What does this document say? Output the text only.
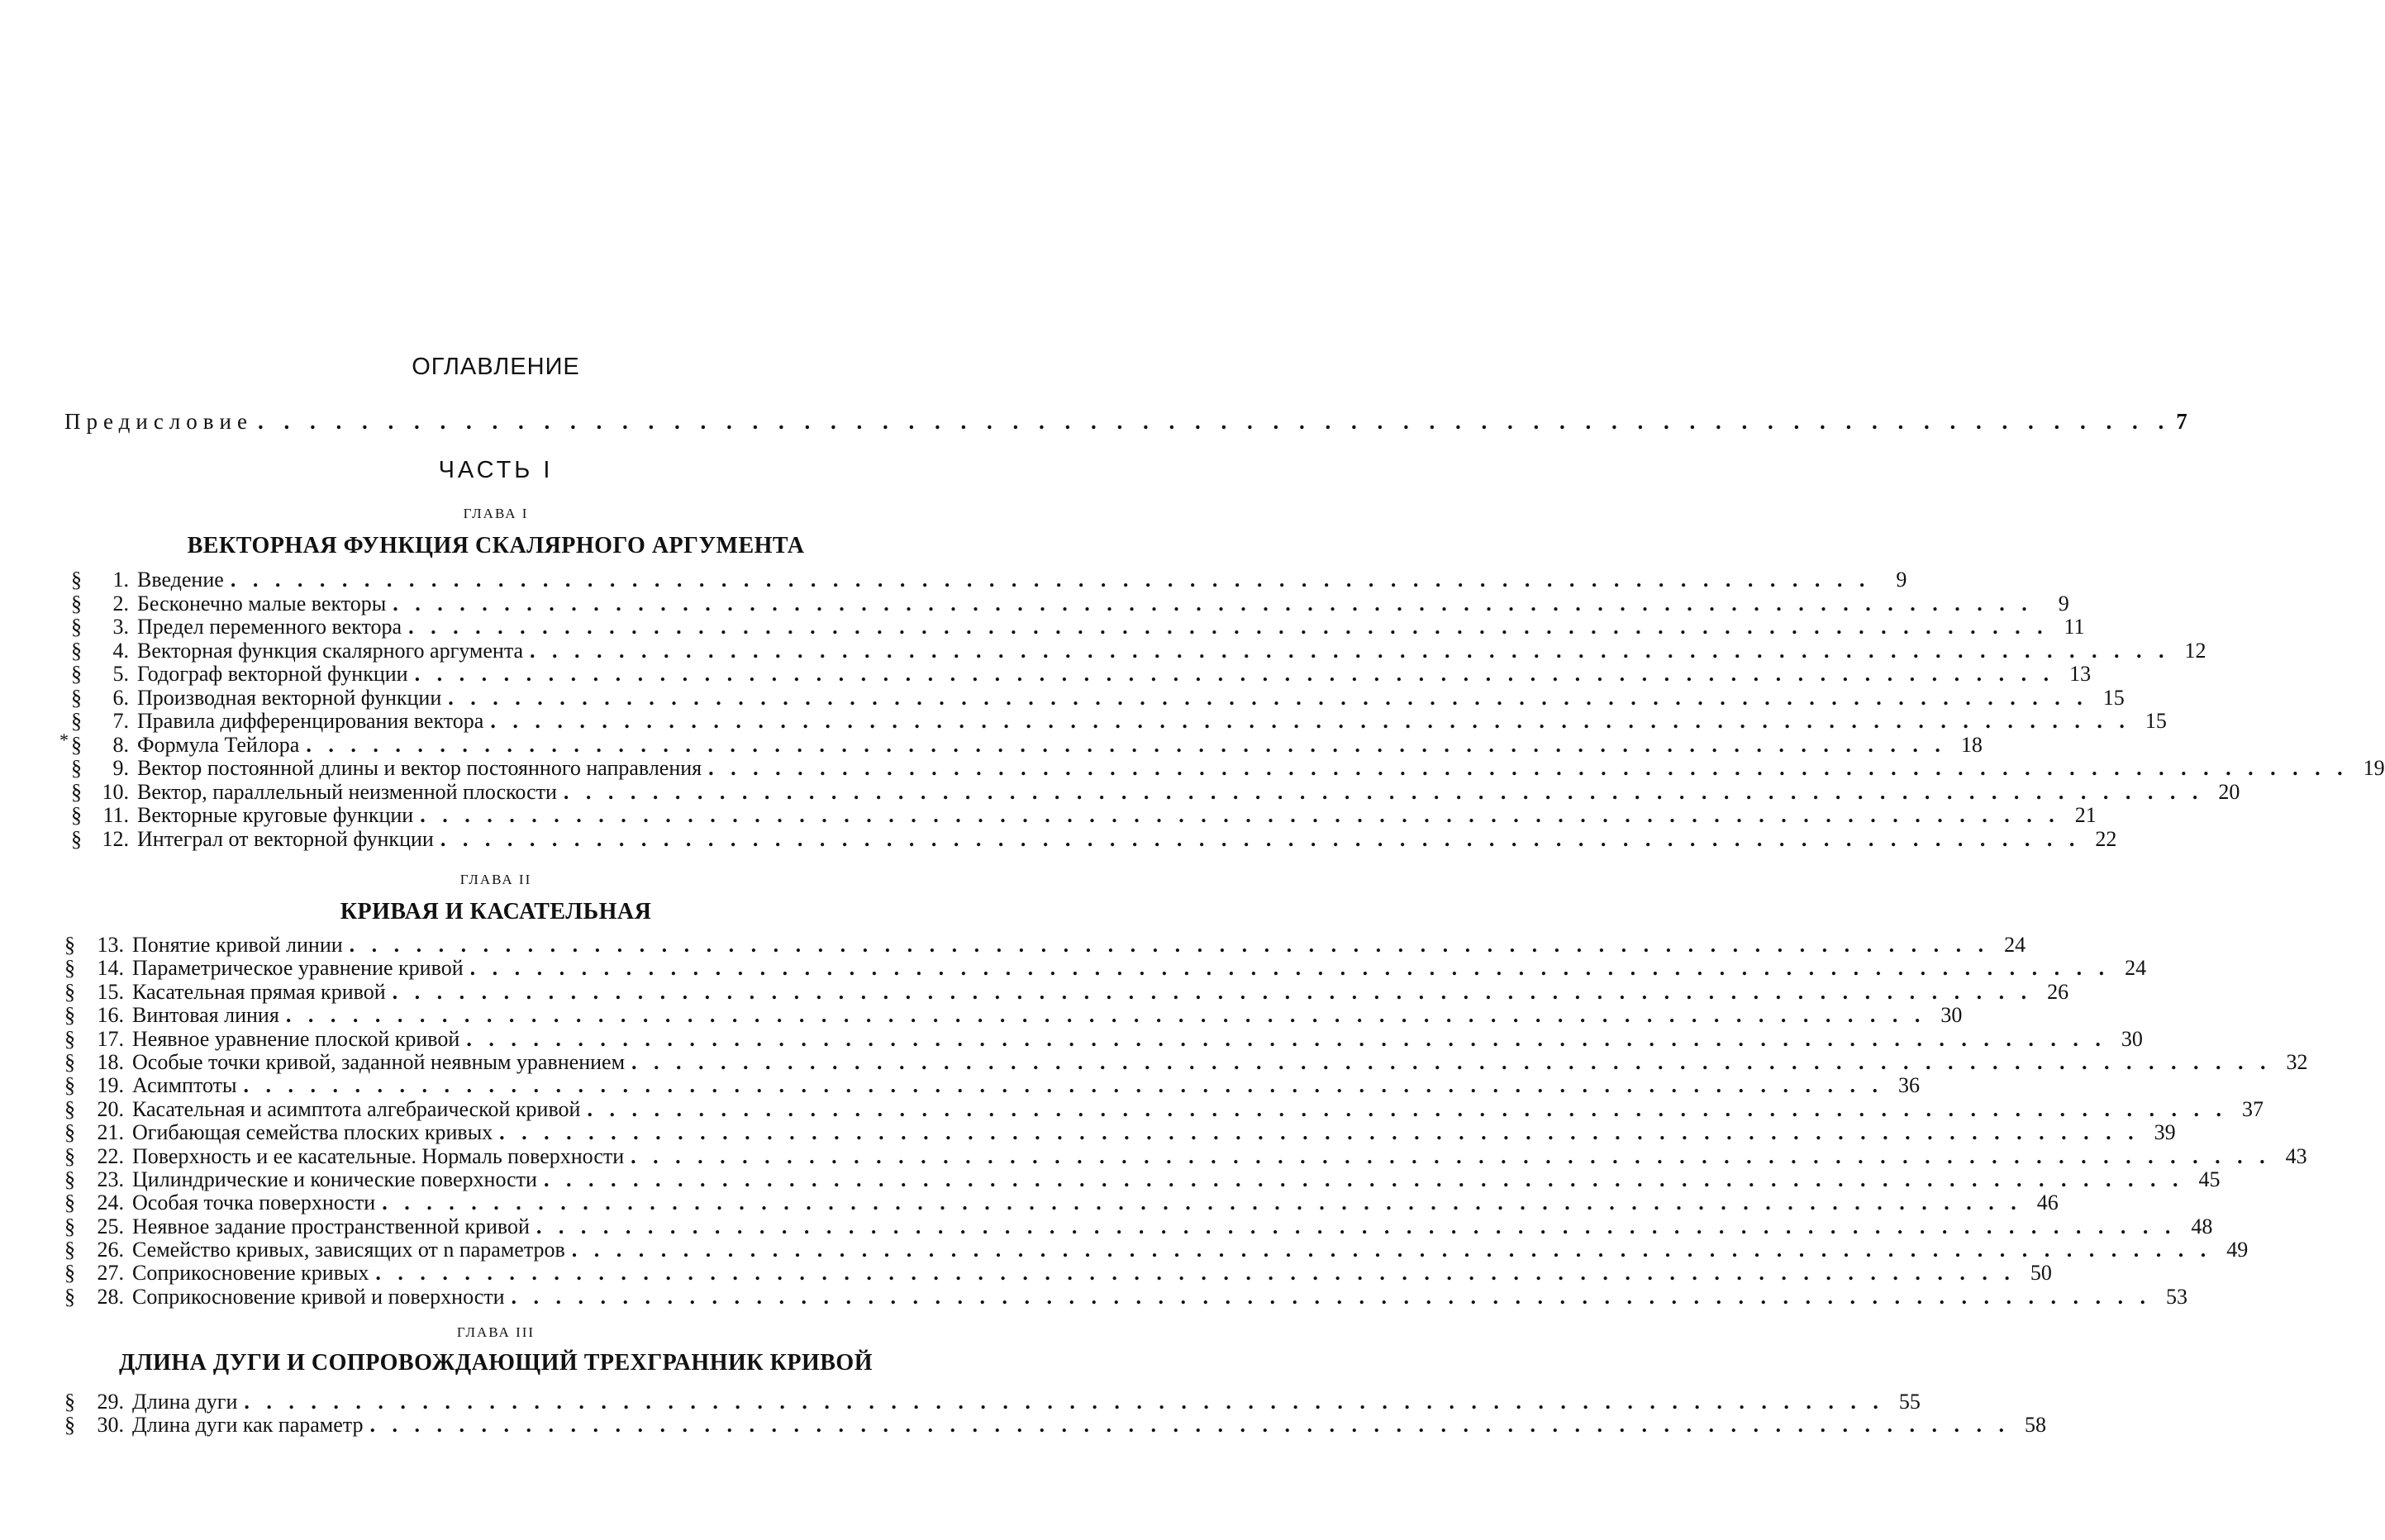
ОГЛАВЛЕНИЕ
Предисловие . . . . . . . . . . . . . . . . . . . . . . . . . . . . . . . . . . . . . . . . . . . . . . . . . . . . . . . . . . . . . . . . . . . . . . . . . . 7
ЧАСТЬ I
ГЛАВА I
ВЕКТОРНАЯ ФУНКЦИЯ СКАЛЯРНОГО АРГУМЕНТА
§	1. Введение . . . . . . . . . . . . . . . . . . . . . . . . . . . . . . . . . . . . . . . . . . . . . . . . . . . . . . . . . . . . . . . . . . . . . . . . . .	9
§	2. Бесконечно малые векторы . . . . . . . . . . . . . . . . . . . . . . . . . . . . . . . . . . . . . . . . . . . . . . . . . . . . . . . . . . . . . . . . . . . . . . . . . .	9
§	3. Предел переменного вектора . . . . . . . . . . . . . . . . . . . . . . . . . . . . . . . . . . . . . . . . . . . . . . . . . . . . . . . . . . . . . . . . . . . . . . . . . . 11
§	4. Векторная функция скалярного аргумента . . . . . . . . . . . . . . . . . . . . . . . . . . . . . . . . . . . . . . . . . . . . . . . . . . . . . . . . . . . . . . . . . . . . . . . . . . 12
§	5. Годограф векторной функции . . . . . . . . . . . . . . . . . . . . . . . . . . . . . . . . . . . . . . . . . . . . . . . . . . . . . . . . . . . . . . . . . . . . . . . . . . 13
§	6. Производная векторной функции . . . . . . . . . . . . . . . . . . . . . . . . . . . . . . . . . . . . . . . . . . . . . . . . . . . . . . . . . . . . . . . . . . . . . . . . . . 15
§	7. Правила дифференцирования вектора . . . . . . . . . . . . . . . . . . . . . . . . . . . . . . . . . . . . . . . . . . . . . . . . . . . . . . . . . . . . . . . . . . . . . . . . . . 15
§	8. Формула Тейлора . . . . . . . . . . . . . . . . . . . . . . . . . . . . . . . . . . . . . . . . . . . . . . . . . . . . . . . . . . . . . . . . . . . . . . . . . . 18
*
§	9. Вектор постоянной длины и вектор постоянного направления . . . . . . . . . . . . . . . . . . . . . . . . . . . . . . . . . . . . . . . . . . . . . . . . . . . . . . . . . . . . . . . . . . . . . . . . . . 19
§ 10. Вектор, параллельный неизменной плоскости . . . . . . . . . . . . . . . . . . . . . . . . . . . . . . . . . . . . . . . . . . . . . . . . . . . . . . . . . . . . . . . . . . . . . . . . . . 20
§ 11. Векторные круговые функции . . . . . . . . . . . . . . . . . . . . . . . . . . . . . . . . . . . . . . . . . . . . . . . . . . . . . . . . . . . . . . . . . . . . . . . . . . 21
§ 12. Интеграл от векторной функции . . . . . . . . . . . . . . . . . . . . . . . . . . . . . . . . . . . . . . . . . . . . . . . . . . . . . . . . . . . . . . . . . . . . . . . . . . 22
ГЛАВА II
КРИВАЯ И КАСАТЕЛЬНАЯ
§	13. Понятие кривой линии . . . . . . . . . . . . . . . . . . . . . . . . . . . . . . . . . . . . . . . . . . . . . . . . . . . . . . . . . . . . . . . . . . . . . . . . . . 24
§	14. Параметрическое уравнение кривой . . . . . . . . . . . . . . . . . . . . . . . . . . . . . . . . . . . . . . . . . . . . . . . . . . . . . . . . . . . . . . . . . . . . . . . . . . 24
§	15. Касательная прямая кривой . . . . . . . . . . . . . . . . . . . . . . . . . . . . . . . . . . . . . . . . . . . . . . . . . . . . . . . . . . . . . . . . . . . . . . . . . . 26
§	16. Винтовая линия . . . . . . . . . . . . . . . . . . . . . . . . . . . . . . . . . . . . . . . . . . . . . . . . . . . . . . . . . . . . . . . . . . . . . . . . . . 30
§	17. Неявное уравнение плоской кривой . . . . . . . . . . . . . . . . . . . . . . . . . . . . . . . . . . . . . . . . . . . . . . . . . . . . . . . . . . . . . . . . . . . . . . . . . . 30
§	18. Особые точки кривой, заданной неявным уравнением . . . . . . . . . . . . . . . . . . . . . . . . . . . . . . . . . . . . . . . . . . . . . . . . . . . . . . . . . . . . . . . . . . . . . . . . . . 32
§	19. Асимптоты . . . . . . . . . . . . . . . . . . . . . . . . . . . . . . . . . . . . . . . . . . . . . . . . . . . . . . . . . . . . . . . . . . . . . . . . . . 36
§	20. Касательная и асимптота алгебраической кривой . . . . . . . . . . . . . . . . . . . . . . . . . . . . . . . . . . . . . . . . . . . . . . . . . . . . . . . . . . . . . . . . . . . . . . . . . . 37
§	21. Огибающая семейства плоских кривых . . . . . . . . . . . . . . . . . . . . . . . . . . . . . . . . . . . . . . . . . . . . . . . . . . . . . . . . . . . . . . . . . . . . . . . . . . 39
§	22. Поверхность и ее касательные. Нормаль поверхности . . . . . . . . . . . . . . . . . . . . . . . . . . . . . . . . . . . . . . . . . . . . . . . . . . . . . . . . . . . . . . . . . . . . . . . . . . 43
§	23. Цилиндрические и конические поверхности . . . . . . . . . . . . . . . . . . . . . . . . . . . . . . . . . . . . . . . . . . . . . . . . . . . . . . . . . . . . . . . . . . . . . . . . . . 45
§	24. Особая точка поверхности . . . . . . . . . . . . . . . . . . . . . . . . . . . . . . . . . . . . . . . . . . . . . . . . . . . . . . . . . . . . . . . . . . . . . . . . . . 46
§	25. Неявное задание пространственной кривой . . . . . . . . . . . . . . . . . . . . . . . . . . . . . . . . . . . . . . . . . . . . . . . . . . . . . . . . . . . . . . . . . . . . . . . . . . 48
§	26. Семейство кривых, зависящих от n параметров . . . . . . . . . . . . . . . . . . . . . . . . . . . . . . . . . . . . . . . . . . . . . . . . . . . . . . . . . . . . . . . . . . . . . . . . . . 49
§	27. Соприкосновение кривых . . . . . . . . . . . . . . . . . . . . . . . . . . . . . . . . . . . . . . . . . . . . . . . . . . . . . . . . . . . . . . . . . . . . . . . . . . 50
§	28. Соприкосновение кривой и поверхности . . . . . . . . . . . . . . . . . . . . . . . . . . . . . . . . . . . . . . . . . . . . . . . . . . . . . . . . . . . . . . . . . . . . . . . . . . 53
ГЛАВА III
ДЛИНА ДУГИ И СОПРОВОЖДАЮЩИЙ ТРЕХГРАННИК КРИВОЙ
§	29. Длина дуги . . . . . . . . . . . . . . . . . . . . . . . . . . . . . . . . . . . . . . . . . . . . . . . . . . . . . . . . . . . . . . . . . . . . . . . . . . 55
§	30. Длина дуги как параметр . . . . . . . . . . . . . . . . . . . . . . . . . . . . . . . . . . . . . . . . . . . . . . . . . . . . . . . . . . . . . . . . . . . . . . . . . . 58
